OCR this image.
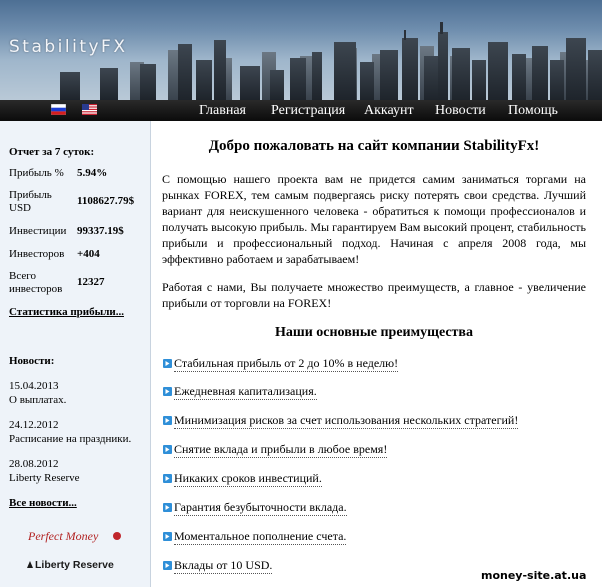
StabilityFX
Главная Регистрация Аккаунт Новости Помощь
Отчет за 7 суток:
Прибыль %	5.94%
Прибыль USD
1108627.79$
Инвестиции 99337.19$
Инвесторов	+404
Всего инвесторов
12327
Статистика прибыли...
Новости:
15.04.2013
О выплатах.
24.12.2012
Расписание на праздники.
28.08.2012
Liberty Reserve
Все новости...
Perfect Money
Liberty Reserve
Добро пожаловать на сайт компании StabilityFx!
С помощью нашего проекта вам не придется самим заниматься торгами на рынках FOREX, тем самым подвергаясь риску потерять свои средства. Лучший вариант для неискушенного человека - обратиться к помощи профессионалов и получать высокую прибыль. Мы гарантируем Вам высокий процент, стабильность прибыли и профессиональный подход. Начиная с апреля 2008 года, мы эффективно работаем и зарабатываем!
Работая с нами, Вы получаете множество преимуществ, а главное - увеличение прибыли от торговли на FOREX!
Наши основные преимущества
Стабильная прибыль от 2 до 10% в неделю!
Ежедневная капитализация.
Минимизация рисков за счет использования нескольких стратегий!
Снятие вклада и прибыли в любое время!
Никаких сроков инвестиций.
Гарантия безубыточности вклада.
Моментальное пополнение счета.
Вклады от 10 USD.
money-site.at.ua
